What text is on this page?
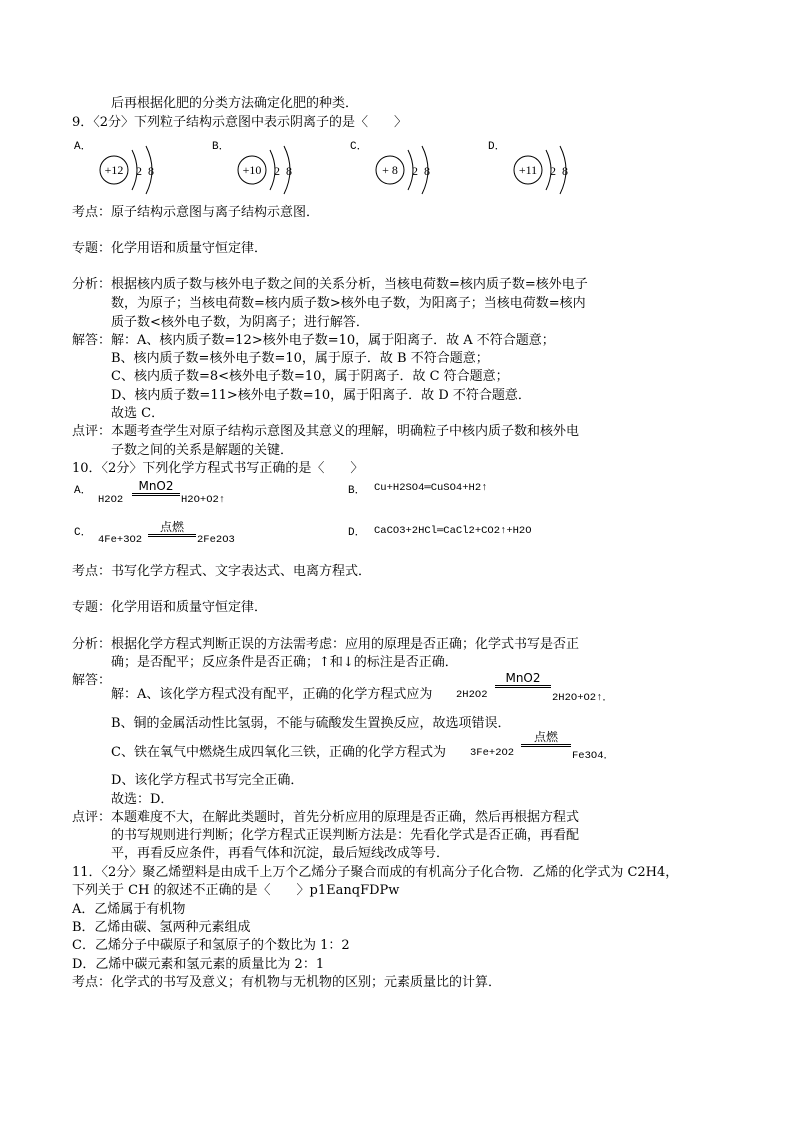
后再根据化肥的分类方法确定化肥的种类．
9．〈2分〉下列粒子结构示意图中表示阴离子的是〈　　〉
A．
+12 2 8
B．
+10 2 8
C．
+ 8 2 8
D．
+11 2 8
考点：原子结构示意图与离子结构示意图．
专题：化学用语和质量守恒定律．
分析：根据核内质子数与核外电子数之间的关系分析，当核电荷数=核内质子数=核外电子
数，为原子；当核电荷数=核内质子数>核外电子数，为阳离子；当核电荷数=核内
质子数<核外电子数，为阴离子；进行解答．
解答：解：A、核内质子数=12>核外电子数=10，属于阳离子．故 A 不符合题意；
B、核内质子数=核外电子数=10，属于原子．故 B 不符合题意；
C、核内质子数=8<核外电子数=10，属于阴离子．故 C 符合题意；
D、核内质子数=11>核外电子数=10，属于阳离子．故 D 不符合题意．
故选 C．
点评：本题考查学生对原子结构示意图及其意义的理解，明确粒子中核内质子数和核外电
子数之间的关系是解题的关键．
10．〈2分〉下列化学方程式书写正确的是〈　　〉
A．
H2O2
MnO2
H2O+O2↑
B． Cu+H2SO4═CuSO4+H2↑
C．
4Fe+3O2
点燃
2Fe2O3
D． CaCO3+2HCl═CaCl2+CO2↑+H2O
考点：书写化学方程式、文字表达式、电离方程式．
专题：化学用语和质量守恒定律．
分析：根据化学方程式判断正误的方法需考虑：应用的原理是否正确；化学式书写是否正
确；是否配平；反应条件是否正确；↑和↓的标注是否正确．
解答：
解：A、该化学方程式没有配平，正确的化学方程式应为 2H2O2
MnO2
2H2O+O2↑．
B、铜的金属活动性比氢弱，不能与硫酸发生置换反应，故选项错误．
C、铁在氧气中燃烧生成四氧化三铁，正确的化学方程式为 3Fe+2O2
点燃
Fe3O4．
D、该化学方程式书写完全正确．
故选：D．
点评：本题难度不大，在解此类题时，首先分析应用的原理是否正确，然后再根据方程式
的书写规则进行判断；化学方程式正误判断方法是：先看化学式是否正确，再看配
平，再看反应条件，再看气体和沉淀，最后短线改成等号．
11．〈2分〉聚乙烯塑料是由成千上万个乙烯分子聚合而成的有机高分子化合物．乙烯的化学式为 C2H4，
下列关于 CH 的叙述不正确的是〈　　〉p1EanqFDPw
A．乙烯属于有机物
B．乙烯由碳、氢两种元素组成
C．乙烯分子中碳原子和氢原子的个数比为 1：2
D．乙烯中碳元素和氢元素的质量比为 2：1
考点：化学式的书写及意义；有机物与无机物的区别；元素质量比的计算．
